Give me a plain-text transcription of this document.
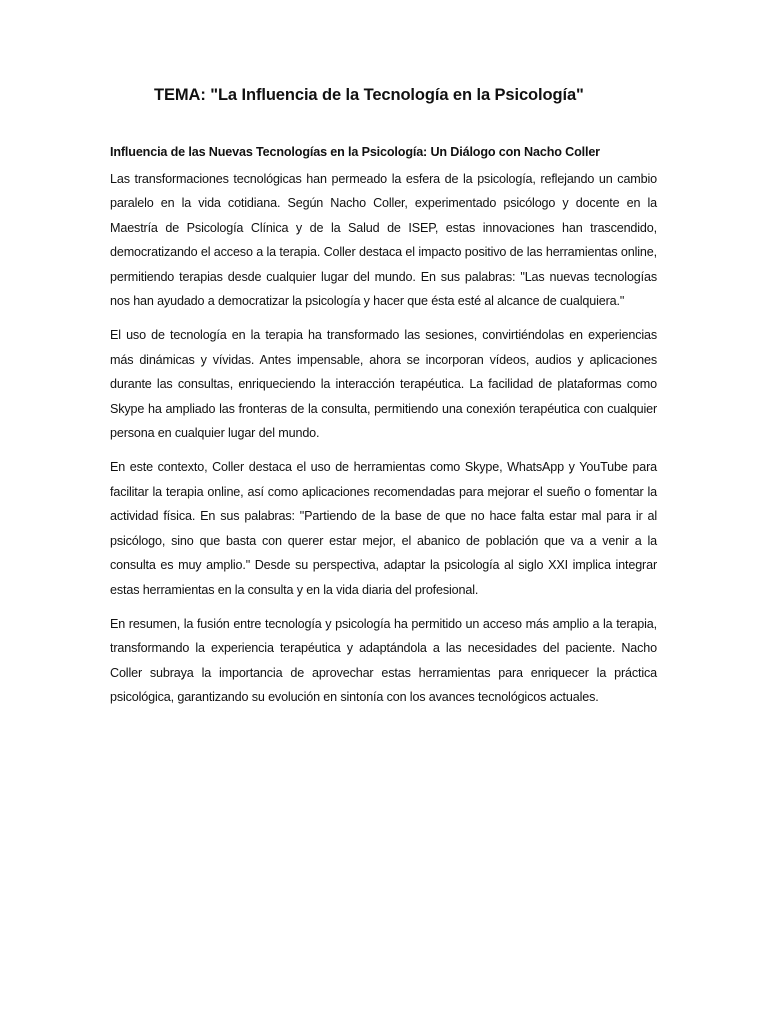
TEMA: "La Influencia de la Tecnología en la Psicología"
Influencia de las Nuevas Tecnologías en la Psicología: Un Diálogo con Nacho Coller

Las transformaciones tecnológicas han permeado la esfera de la psicología, reflejando un cambio paralelo en la vida cotidiana. Según Nacho Coller, experimentado psicólogo y docente en la Maestría de Psicología Clínica y de la Salud de ISEP, estas innovaciones han trascendido, democratizando el acceso a la terapia. Coller destaca el impacto positivo de las herramientas online, permitiendo terapias desde cualquier lugar del mundo. En sus palabras: "Las nuevas tecnologías nos han ayudado a democratizar la psicología y hacer que ésta esté al alcance de cualquiera."

El uso de tecnología en la terapia ha transformado las sesiones, convirtiéndolas en experiencias más dinámicas y vívidas. Antes impensable, ahora se incorporan vídeos, audios y aplicaciones durante las consultas, enriqueciendo la interacción terapéutica. La facilidad de plataformas como Skype ha ampliado las fronteras de la consulta, permitiendo una conexión terapéutica con cualquier persona en cualquier lugar del mundo.

En este contexto, Coller destaca el uso de herramientas como Skype, WhatsApp y YouTube para facilitar la terapia online, así como aplicaciones recomendadas para mejorar el sueño o fomentar la actividad física. En sus palabras: "Partiendo de la base de que no hace falta estar mal para ir al psicólogo, sino que basta con querer estar mejor, el abanico de población que va a venir a la consulta es muy amplio." Desde su perspectiva, adaptar la psicología al siglo XXI implica integrar estas herramientas en la consulta y en la vida diaria del profesional.

En resumen, la fusión entre tecnología y psicología ha permitido un acceso más amplio a la terapia, transformando la experiencia terapéutica y adaptándola a las necesidades del paciente. Nacho Coller subraya la importancia de aprovechar estas herramientas para enriquecer la práctica psicológica, garantizando su evolución en sintonía con los avances tecnológicos actuales.
